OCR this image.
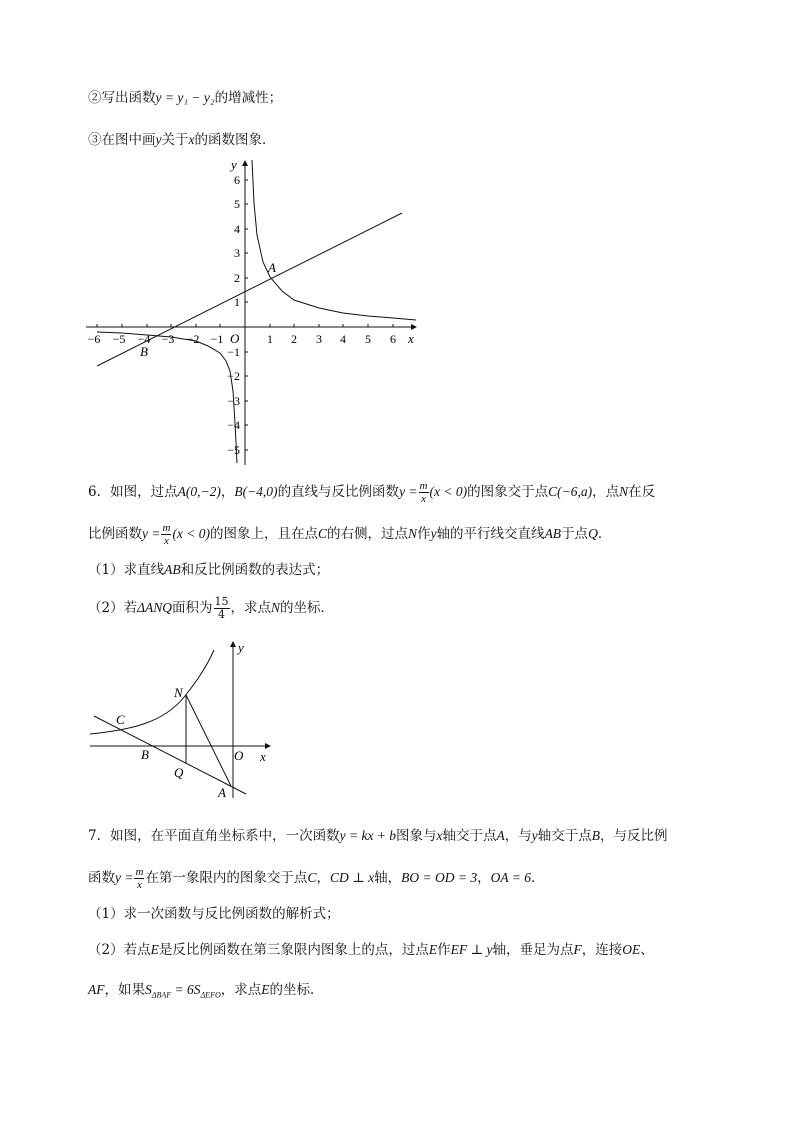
②写出函数y = y₁ − y₂的增减性；
③在图中画y关于x的函数图象．
−6 −5 −4 −3 −2 −1	1 2 3 4 5 6
1
2
3
4
5
6
−1
−2
−3
−4
−5
x
y
O
A
B
6．如图，过点A(0,−2)，B(−4,0)的直线与反比例函数$y = \frac{m}{x} (x < 0)$的图象交于点C(−6,a)，点N在反
比例函数$y = \frac{m}{x} (x < 0)$的图象上，且在点C的右侧，过点N作y轴的平行线交直线AB于点Q．
（1）求直线AB和反比例函数的表达式；
（2）若ΔANQ面积为 $\frac{15}{4}$ ，求点N的坐标．
C
N
B
Q
O
A
x
y
7．如图，在平面直角坐标系中，一次函数y = kx + b图象与x轴交于点A，与y轴交于点B，与反比例
函数$y = \frac{m}{x}$ 在第一象限内的图象交于点C，CD ⊥ x轴，BO = OD = 3，OA = 6．
（1）求一次函数与反比例函数的解析式；
（2）若点E是反比例函数在第三象限内图象上的点，过点E作EF ⊥ y轴，垂足为点F，连接OE、
AF，如果$S_{\Delta BAF} = 6S_{\Delta EFO}$，求点E的坐标．
